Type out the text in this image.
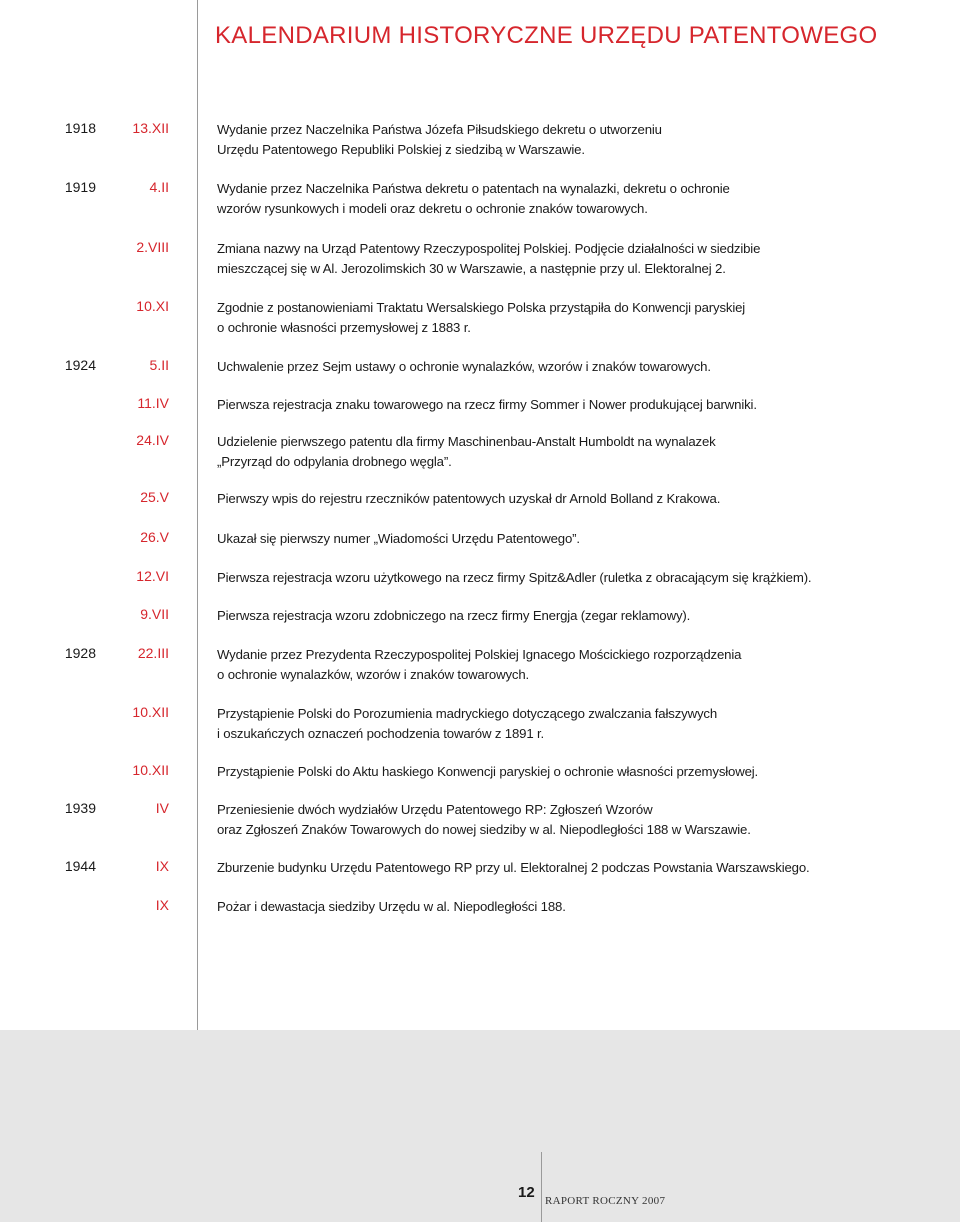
KALENDARIUM HISTORYCZNE URZĘDU PATENTOWEGO
1918	13.XII	Wydanie przez Naczelnika Państwa Józefa Piłsudskiego dekretu o utworzeniu
Urzędu Patentowego Republiki Polskiej z siedzibą w Warszawie.
1919	4.II	Wydanie przez Naczelnika Państwa dekretu o patentach na wynalazki, dekretu o ochronie
wzorów rysunkowych i modeli oraz dekretu o ochronie znaków towarowych.
2.VIII	Zmiana nazwy na Urząd Patentowy Rzeczypospolitej Polskiej. Podjęcie działalności w siedzibie
mieszczącej się w Al. Jerozolimskich 30 w Warszawie, a następnie przy ul. Elektoralnej 2.
10.XI	Zgodnie z postanowieniami Traktatu Wersalskiego Polska przystąpiła do Konwencji paryskiej
o ochronie własności przemysłowej z 1883 r.
1924	5.II	Uchwalenie przez Sejm ustawy o ochronie wynalazków, wzorów i znaków towarowych.
11.IV	Pierwsza rejestracja znaku towarowego na rzecz firmy Sommer i Nower produkującej barwniki.
24.IV	Udzielenie pierwszego patentu dla firmy Maschinenbau-Anstalt Humboldt na wynalazek
„Przyrząd do odpylania drobnego węgla”.
25.V	Pierwszy wpis do rejestru rzeczników patentowych uzyskał dr Arnold Bolland z Krakowa.
26.V	Ukazał się pierwszy numer „Wiadomości Urzędu Patentowego”.
12.VI	Pierwsza rejestracja wzoru użytkowego na rzecz firmy Spitz&Adler (ruletka z obracającym się krążkiem).
9.VII	Pierwsza rejestracja wzoru zdobniczego na rzecz firmy Energja (zegar reklamowy).
1928	22.III	Wydanie przez Prezydenta Rzeczypospolitej Polskiej Ignacego Mościckiego rozporządzenia
o ochronie wynalazków, wzorów i znaków towarowych.
10.XII	Przystąpienie Polski do Porozumienia madryckiego dotyczącego zwalczania fałszywych
i oszukańczych oznaczeń pochodzenia towarów z 1891 r.
10.XII	Przystąpienie Polski do Aktu haskiego Konwencji paryskiej o ochronie własności przemysłowej.
1939	IV	Przeniesienie dwóch wydziałów Urzędu Patentowego RP: Zgłoszeń Wzorów
oraz Zgłoszeń Znaków Towarowych do nowej siedziby w al. Niepodległości 188 w Warszawie.
1944	IX	Zburzenie budynku Urzędu Patentowego RP przy ul. Elektoralnej 2 podczas Powstania Warszawskiego.
IX	Pożar i dewastacja siedziby Urzędu w al. Niepodległości 188.
12 RAPORT ROCZNY 2007
